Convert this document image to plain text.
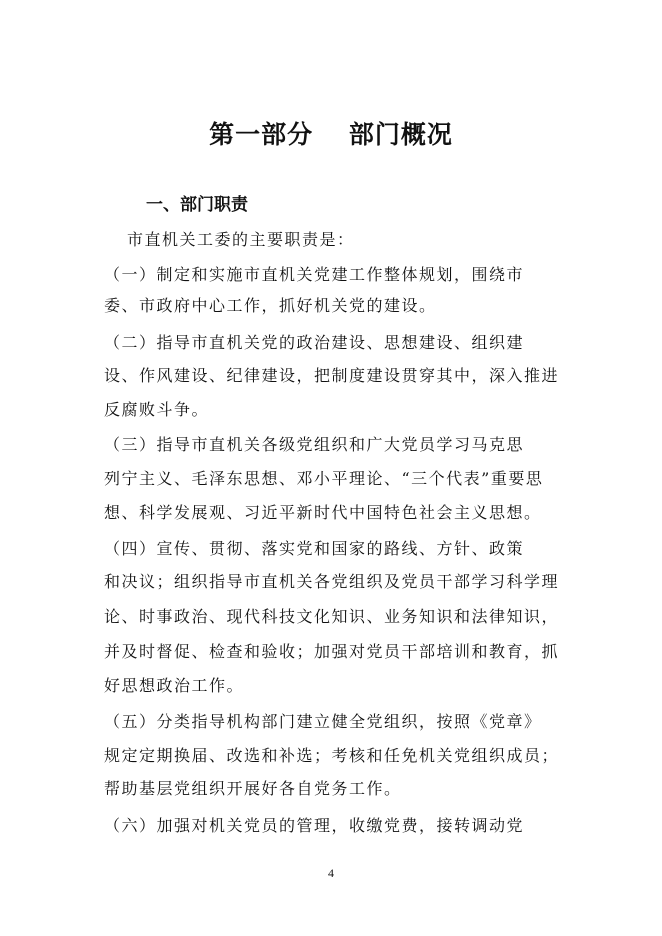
第一部分　 部门概况
一、部门职责
市直机关工委的主要职责是：
（一）制定和实施市直机关党建工作整体规划，围绕市
委、市政府中心工作，抓好机关党的建设。
（二）指导市直机关党的政治建设、思想建设、组织建
设、作风建设、纪律建设，把制度建设贯穿其中，深入推进
反腐败斗争。
（三）指导市直机关各级党组织和广大党员学习马克思
列宁主义、毛泽东思想、邓小平理论、“三个代表”重要思
想、科学发展观、习近平新时代中国特色社会主义思想。
（四）宣传、贯彻、落实党和国家的路线、方针、政策
和决议；组织指导市直机关各党组织及党员干部学习科学理
论、时事政治、现代科技文化知识、业务知识和法律知识，
并及时督促、检查和验收；加强对党员干部培训和教育，抓
好思想政治工作。
（五）分类指导机构部门建立健全党组织，按照《党章》
规定定期换届、改选和补选；考核和任免机关党组织成员；
帮助基层党组织开展好各自党务工作。
（六）加强对机关党员的管理，收缴党费，接转调动党
4
